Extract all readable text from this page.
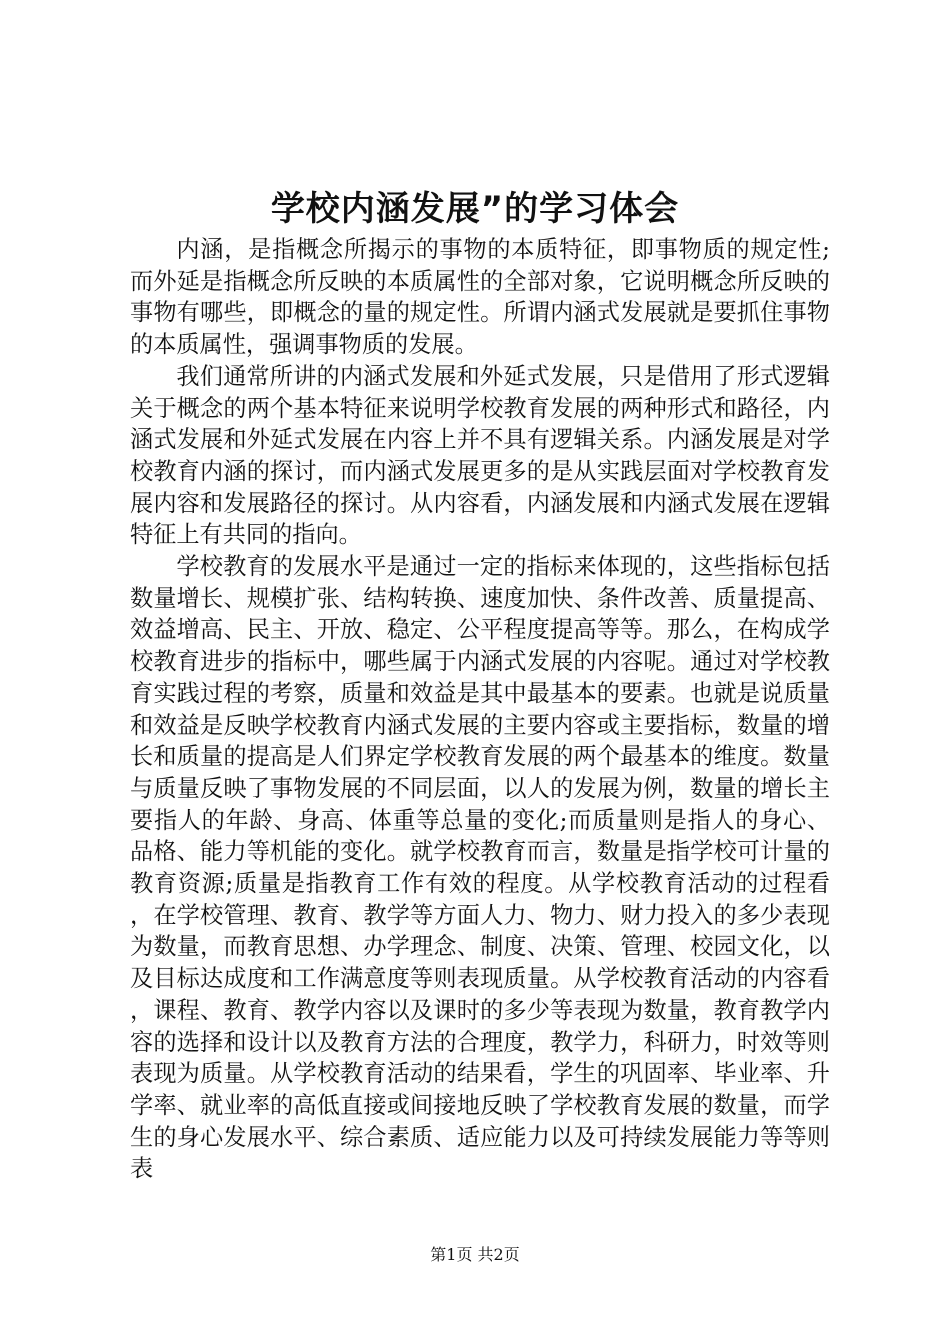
学校内涵发展”的学习体会

内涵，是指概念所揭示的事物的本质特征，即事物质的规定性;而外延是指概念所反映的本质属性的全部对象，它说明概念所反映的事物有哪些，即概念的量的规定性。所谓内涵式发展就是要抓住事物的本质属性，强调事物质的发展。

我们通常所讲的内涵式发展和外延式发展，只是借用了形式逻辑关于概念的两个基本特征来说明学校教育发展的两种形式和路径，内涵式发展和外延式发展在内容上并不具有逻辑关系。内涵发展是对学校教育内涵的探讨，而内涵式发展更多的是从实践层面对学校教育发展内容和发展路径的探讨。从内容看，内涵发展和内涵式发展在逻辑特征上有共同的指向。

学校教育的发展水平是通过一定的指标来体现的，这些指标包括数量增长、规模扩张、结构转换、速度加快、条件改善、质量提高、效益增高、民主、开放、稳定、公平程度提高等等。那么，在构成学校教育进步的指标中，哪些属于内涵式发展的内容呢。通过对学校教育实践过程的考察，质量和效益是其中最基本的要素。也就是说质量和效益是反映学校教育内涵式发展的主要内容或主要指标，数量的增长和质量的提高是人们界定学校教育发展的两个最基本的维度。数量与质量反映了事物发展的不同层面，以人的发展为例，数量的增长主要指人的年龄、身高、体重等总量的变化;而质量则是指人的身心、品格、能力等机能的变化。就学校教育而言，数量是指学校可计量的教育资源;质量是指教育工作有效的程度。从学校教育活动的过程看，在学校管理、教育、教学等方面人力、物力、财力投入的多少表现为数量，而教育思想、办学理念、制度、决策、管理、校园文化，以及目标达成度和工作满意度等则表现质量。从学校教育活动的内容看，课程、教育、教学内容以及课时的多少等表现为数量，教育教学内容的选择和设计以及教育方法的合理度，教学力，科研力，时效等则表现为质量。从学校教育活动的结果看，学生的巩固率、毕业率、升学率、就业率的高低直接或间接地反映了学校教育发展的数量，而学生的身心发展水平、综合素质、适应能力以及可持续发展能力等等则表

第1页 共2页
